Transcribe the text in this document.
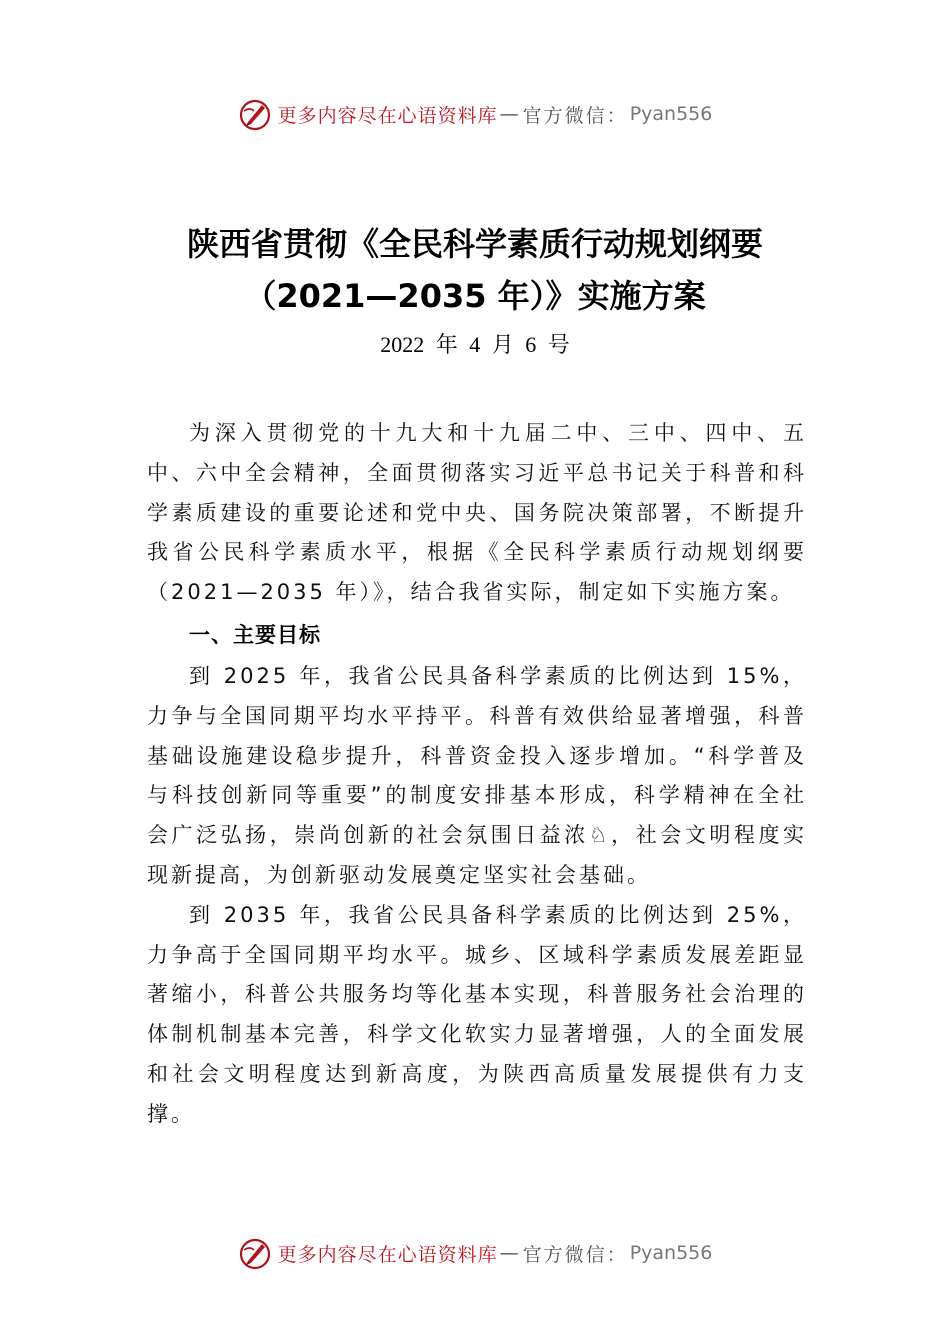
更多内容尽在心语资料库 — 官方微信： Pyan556
陕西省贯彻《全民科学素质行动规划纲要
（2021—2035 年）》实施方案
2022 年 4 月 6 号

为深入贯彻党的十九大和十九届二中、三中、四中、五中、六中全会精神，全面贯彻落实习近平总书记关于科普和科学素质建设的重要论述和党中央、国务院决策部署，不断提升我省公民科学素质水平，根据《全民科学素质行动规划纲要（2021—2035 年）》，结合我省实际，制定如下实施方案。

一、主要目标

到 2025 年，我省公民具备科学素质的比例达到 15%，力争与全国同期平均水平持平。科普有效供给显著增强，科普基础设施建设稳步提升，科普资金投入逐步增加。“科学普及与科技创新同等重要”的制度安排基本形成，科学精神在全社会广泛弘扬，崇尚创新的社会氛围日益浓♘，社会文明程度实现新提高，为创新驱动发展奠定坚实社会基础。

到 2035 年，我省公民具备科学素质的比例达到 25%，力争高于全国同期平均水平。城乡、区域科学素质发展差距显著缩小，科普公共服务均等化基本实现，科普服务社会治理的体制机制基本完善，科学文化软实力显著增强，人的全面发展和社会文明程度达到新高度，为陕西高质量发展提供有力支撑。

更多内容尽在心语资料库 — 官方微信： Pyan556
